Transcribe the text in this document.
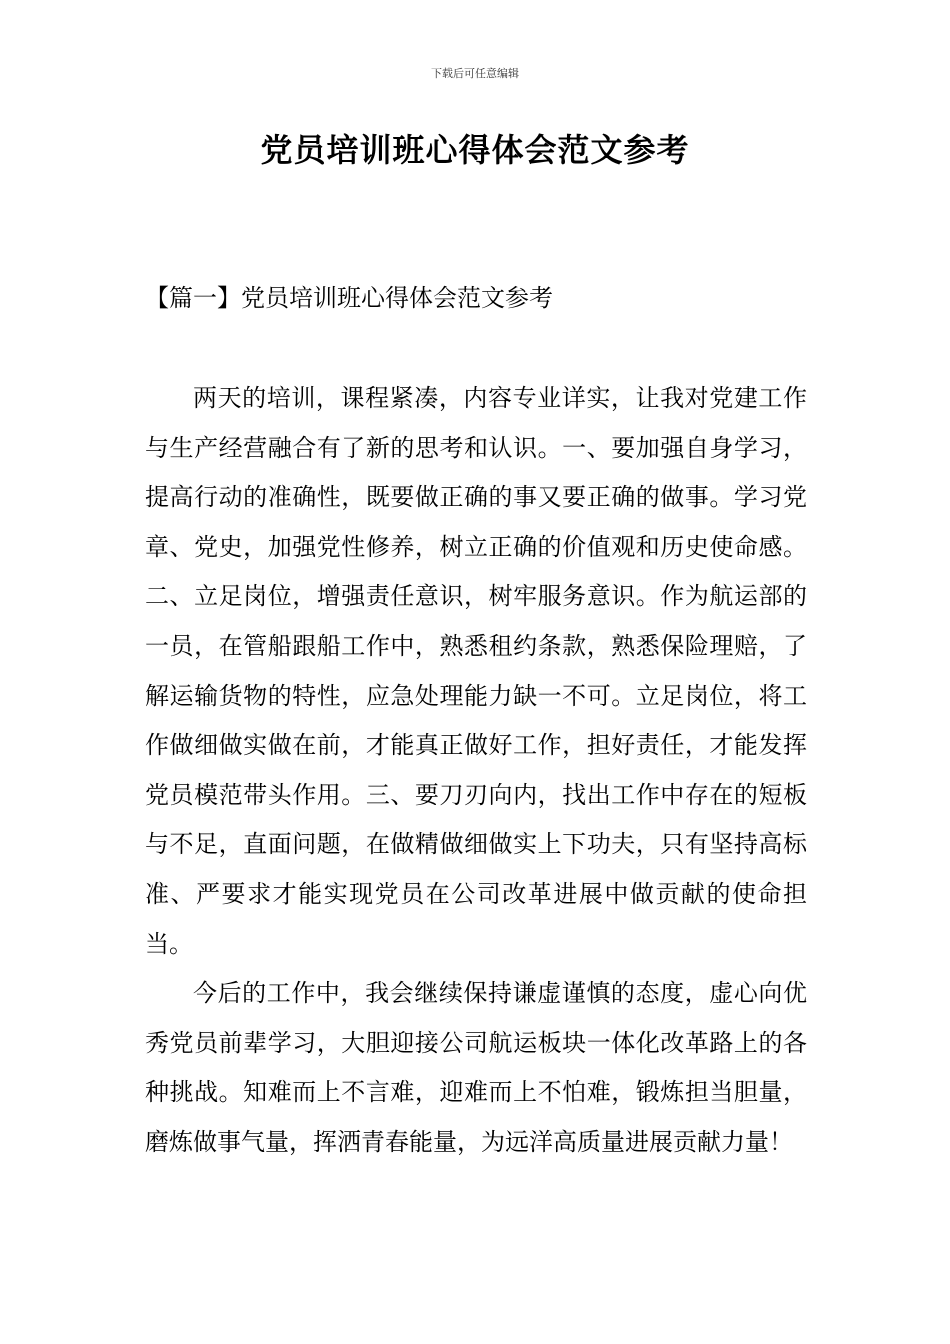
下载后可任意编辑
党员培训班心得体会范文参考
【篇一】党员培训班心得体会范文参考

两天的培训，课程紧凑，内容专业详实，让我对党建工作与生产经营融合有了新的思考和认识。一、要加强自身学习，提高行动的准确性，既要做正确的事又要正确的做事。学习党章、党史，加强党性修养，树立正确的价值观和历史使命感。二、立足岗位，增强责任意识，树牢服务意识。作为航运部的一员，在管船跟船工作中，熟悉租约条款，熟悉保险理赔，了解运输货物的特性，应急处理能力缺一不可。立足岗位，将工作做细做实做在前，才能真正做好工作，担好责任，才能发挥党员模范带头作用。三、要刀刃向内，找出工作中存在的短板与不足，直面问题，在做精做细做实上下功夫，只有坚持高标准、严要求才能实现党员在公司改革进展中做贡献的使命担当。

今后的工作中，我会继续保持谦虚谨慎的态度，虚心向优秀党员前辈学习，大胆迎接公司航运板块一体化改革路上的各种挑战。知难而上不言难，迎难而上不怕难，锻炼担当胆量，磨炼做事气量，挥洒青春能量，为远洋高质量进展贡献力量！
